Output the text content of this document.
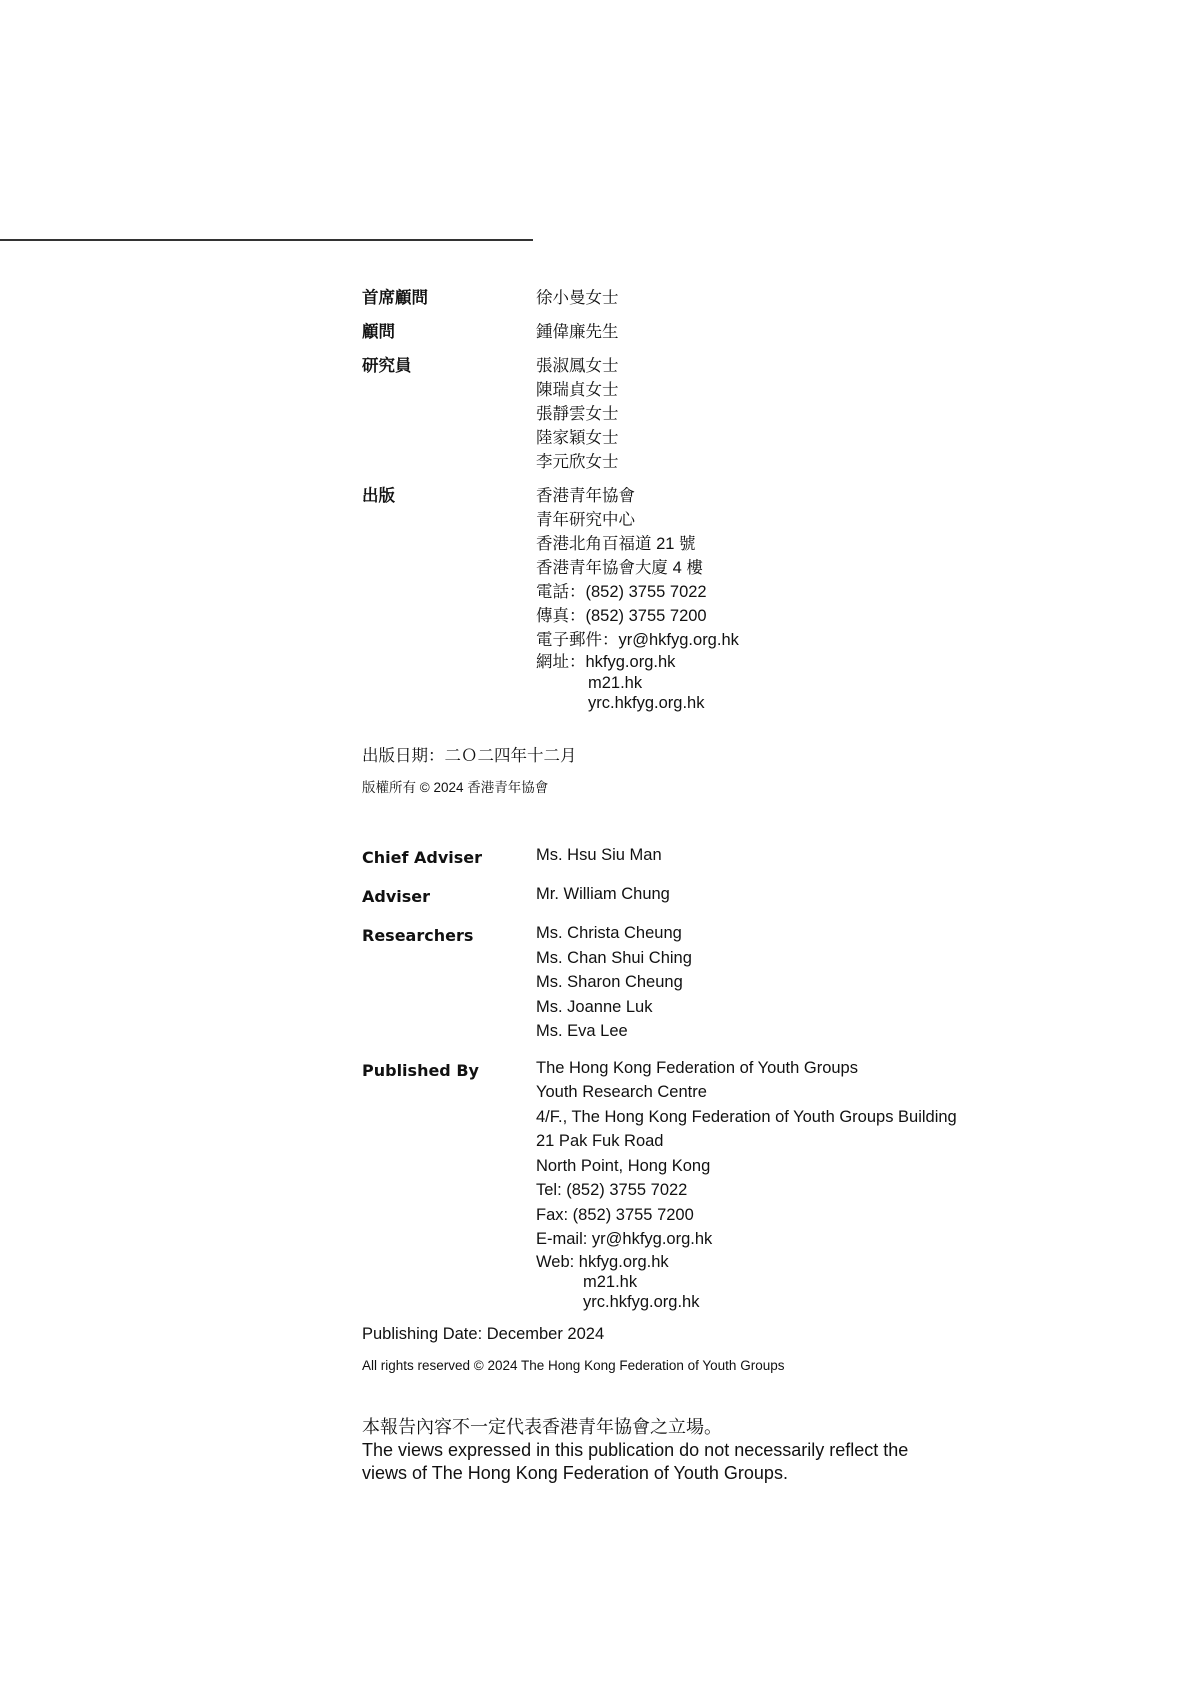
首席顧問	徐小曼女士
顧問	鍾偉廉先生
研究員	張淑鳳女士
陳瑞貞女士
張靜雲女士
陸家穎女士
李元欣女士
出版	香港青年協會
青年研究中心
香港北角百福道 21 號
香港青年協會大廈 4 樓
電話：(852) 3755 7022
傳真：(852) 3755 7200
電子郵件：yr@hkfyg.org.hk
網址：hkfyg.org.hk
m21.hk
yrc.hkfyg.org.hk
出版日期：二Ｏ二四年十二月
版權所有 © 2024 香港青年協會
Chief Adviser	Ms. Hsu Siu Man
Adviser	Mr. William Chung
Researchers	Ms. Christa Cheung
Ms. Chan Shui Ching
Ms. Sharon Cheung
Ms. Joanne Luk
Ms. Eva Lee
Published By	The Hong Kong Federation of Youth Groups
Youth Research Centre
4/F., The Hong Kong Federation of Youth Groups Building
21 Pak Fuk Road
North Point, Hong Kong
Tel: (852) 3755 7022
Fax: (852) 3755 7200
E-mail: yr@hkfyg.org.hk
Web: hkfyg.org.hk
m21.hk
yrc.hkfyg.org.hk
Publishing Date: December 2024
All rights reserved © 2024 The Hong Kong Federation of Youth Groups
本報告內容不一定代表香港青年協會之立場。
The views expressed in this publication do not necessarily reflect the
views of The Hong Kong Federation of Youth Groups.
